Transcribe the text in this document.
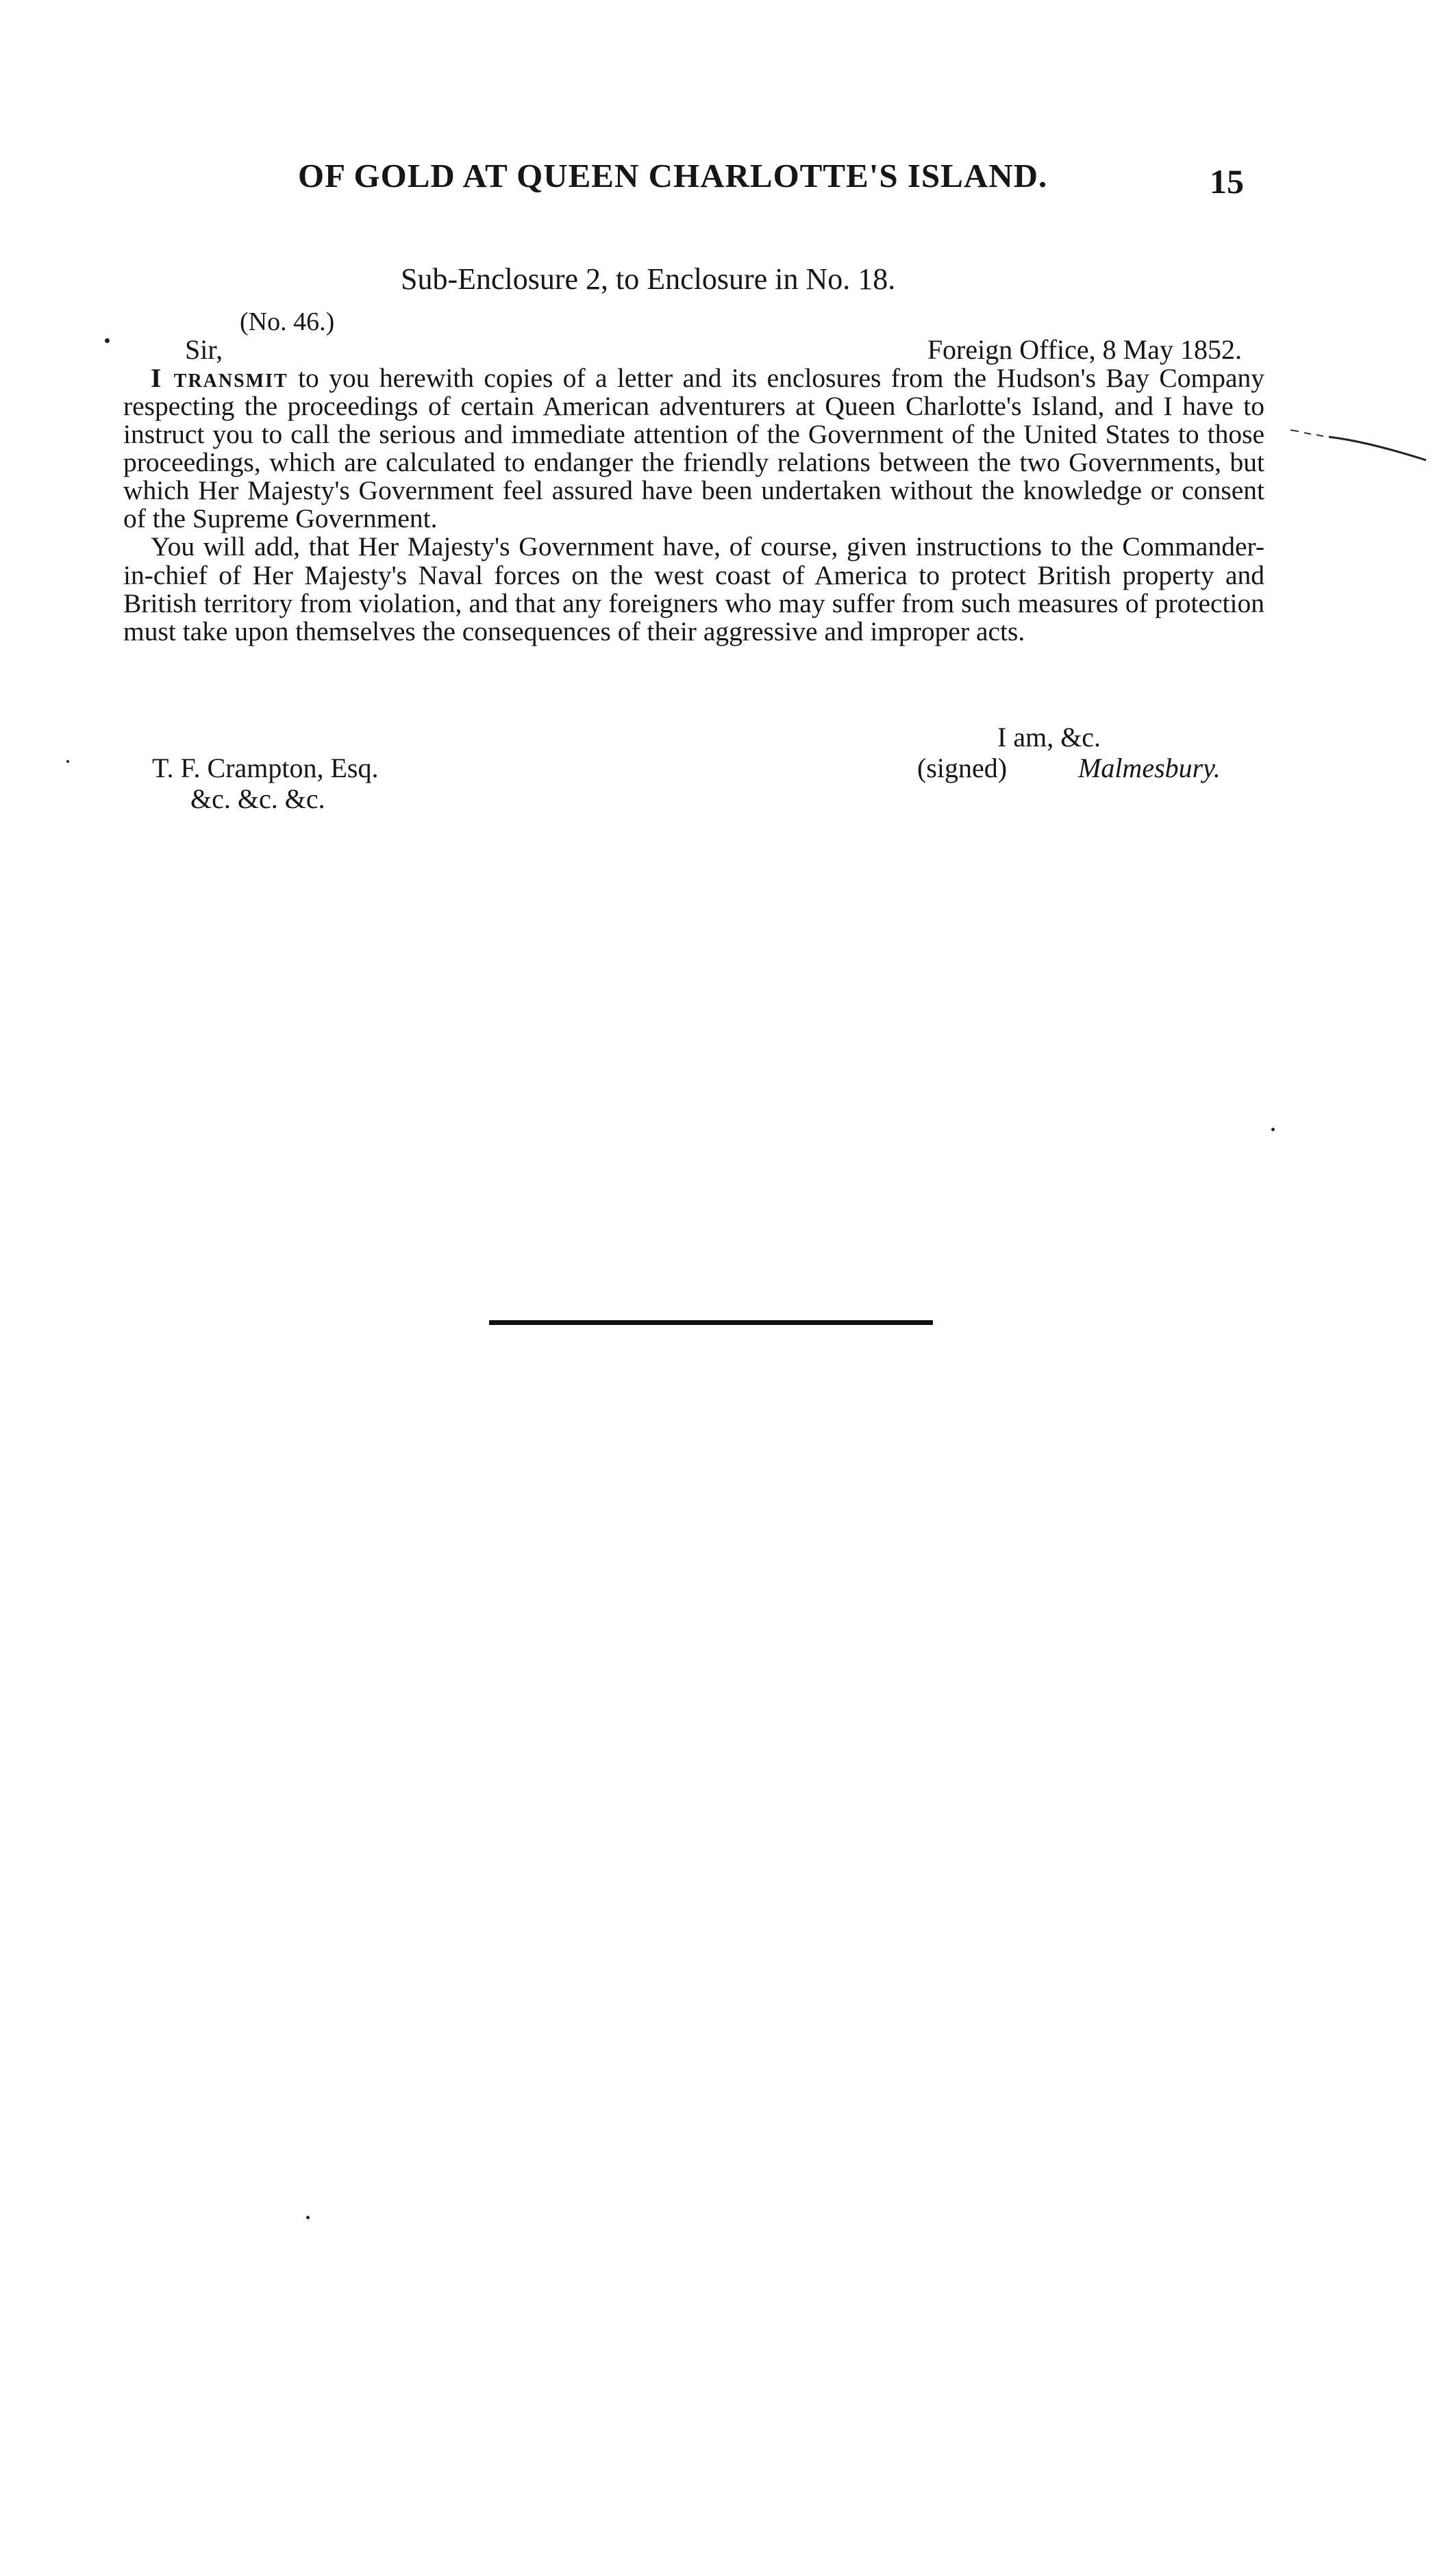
OF GOLD AT QUEEN CHARLOTTE'S ISLAND.	15
Sub-Enclosure 2, to Enclosure in No. 18.
(No. 46.)
Sir,	Foreign Office, 8 May 1852.

I transmit to you herewith copies of a letter and its enclosures from the Hudson's Bay Company respecting the proceedings of certain American adventurers at Queen Charlotte's Island, and I have to instruct you to call the serious and immediate attention of the Government of the United States to those proceedings, which are calculated to endanger the friendly relations between the two Governments, but which Her Majesty's Government feel assured have been undertaken without the knowledge or consent of the Supreme Government.

You will add, that Her Majesty's Government have, of course, given instructions to the Commander-in-chief of Her Majesty's Naval forces on the west coast of America to protect British property and British territory from violation, and that any foreigners who may suffer from such measures of protection must take upon themselves the consequences of their aggressive and improper acts.

I am, &c.
T. F. Crampton, Esq.
&c. &c. &c.
(signed)	Malmesbury.
